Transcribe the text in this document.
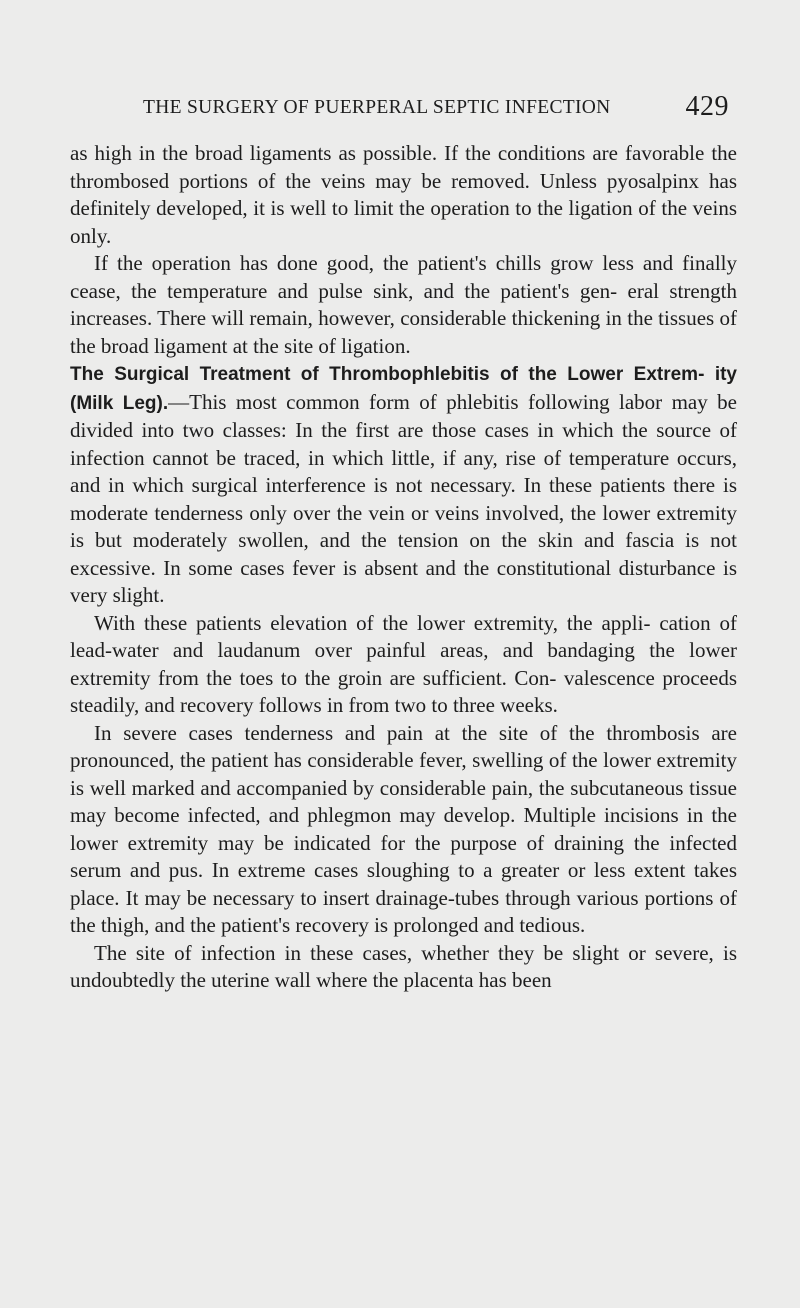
THE SURGERY OF PUERPERAL SEPTIC INFECTION	429

as high in the broad ligaments as possible. If the conditions are favorable the thrombosed portions of the veins may be removed. Unless pyosalpinx has definitely developed, it is well to limit the operation to the ligation of the veins only.

If the operation has done good, the patient's chills grow less and finally cease, the temperature and pulse sink, and the patient's gen- eral strength increases. There will remain, however, considerable thickening in the tissues of the broad ligament at the site of ligation.

The Surgical Treatment of Thrombophlebitis of the Lower Extrem- ity (Milk Leg).—This most common form of phlebitis following labor may be divided into two classes: In the first are those cases in which the source of infection cannot be traced, in which little, if any, rise of temperature occurs, and in which surgical interference is not necessary. In these patients there is moderate tenderness only over the vein or veins involved, the lower extremity is but moderately swollen, and the tension on the skin and fascia is not excessive. In some cases fever is absent and the constitutional disturbance is very slight.

With these patients elevation of the lower extremity, the appli- cation of lead-water and laudanum over painful areas, and bandaging the lower extremity from the toes to the groin are sufficient. Con- valescence proceeds steadily, and recovery follows in from two to three weeks.

In severe cases tenderness and pain at the site of the thrombosis are pronounced, the patient has considerable fever, swelling of the lower extremity is well marked and accompanied by considerable pain, the subcutaneous tissue may become infected, and phlegmon may develop. Multiple incisions in the lower extremity may be indicated for the purpose of draining the infected serum and pus. In extreme cases sloughing to a greater or less extent takes place. It may be necessary to insert drainage-tubes through various portions of the thigh, and the patient's recovery is prolonged and tedious.

The site of infection in these cases, whether they be slight or severe, is undoubtedly the uterine wall where the placenta has been
